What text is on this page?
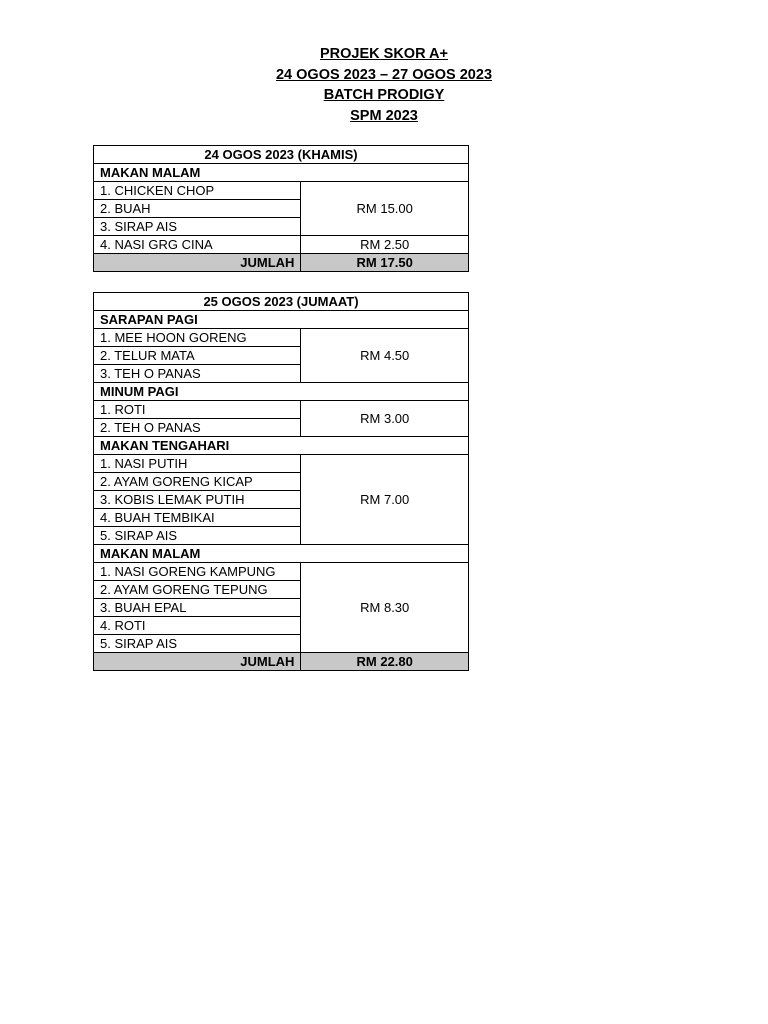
PROJEK SKOR A+
24 OGOS 2023 – 27 OGOS 2023
BATCH PRODIGY
SPM 2023
24 OGOS 2023 (KHAMIS)	
MAKAN MALAM	
1. CHICKEN CHOP	RM 15.00
2. BUAH	
3. SIRAP AIS	
4. NASI GRG CINA	RM 2.50
JUMLAH	RM 17.50
25 OGOS 2023 (JUMAAT)	
SARAPAN PAGI	
1. MEE HOON GORENG	RM 4.50
2. TELUR MATA	
3. TEH O PANAS	
MINUM PAGI	
1. ROTI	RM 3.00
2. TEH O PANAS	
MAKAN TENGAHARI	
1. NASI PUTIH	RM 7.00
2. AYAM GORENG KICAP	
3. KOBIS LEMAK PUTIH	
4. BUAH TEMBIKAI	
5. SIRAP AIS	
MAKAN MALAM	
1. NASI GORENG KAMPUNG	RM 8.30
2. AYAM GORENG TEPUNG	
3. BUAH EPAL	
4. ROTI	
5. SIRAP AIS	
JUMLAH	RM 22.80
